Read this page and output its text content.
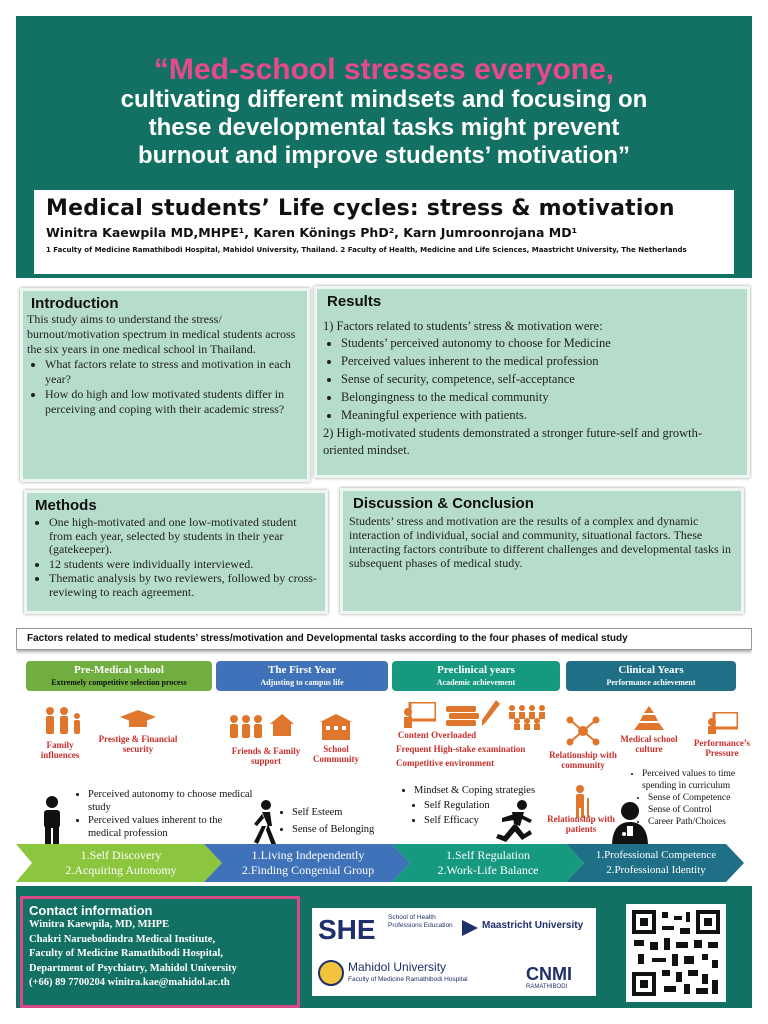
“Med-school stresses everyone,
cultivating different mindsets and focusing on
these developmental tasks might prevent
burnout and improve students’ motivation”
Medical students’ Life cycles: stress & motivation
Winitra Kaewpila MD,MHPE¹, Karen Könings PhD², Karn Jumroonrojana MD¹
1 Faculty of Medicine Ramathibodi Hospital, Mahidol University, Thailand. 2 Faculty of Health, Medicine and Life Sciences, Maastricht University, The Netherlands
Introduction

This study aims to understand the stress/ burnout/motivation spectrum in medical students across the six years in one medical school in Thailand.

• What factors relate to stress and motivation in each year?
• How do high and low motivated students differ in perceiving and coping with their academic stress?
Results

1) Factors related to students’ stress & motivation were:

• Students’ perceived autonomy to choose for Medicine
• Perceived values inherent to the medical profession
• Sense of security, competence, self-acceptance
• Belongingness to the medical community
• Meaningful experience with patients.

2) High-motivated students demonstrated a stronger future-self and growth-oriented mindset.

Methods
• One high-motivated and one low-motivated student from each year, selected by students in their year (gatekeeper).
• 12 students were individually interviewed.
• Thematic analysis by two reviewers, followed by cross-reviewing to reach agreement.
Discussion & Conclusion

Students’ stress and motivation are the results of a complex and dynamic interaction of individual, social and community, situational factors. These interacting factors contribute to different challenges and developmental tasks in subsequent phases of medical study.

Factors related to medical students’ stress/motivation and Developmental tasks according to the four phases of medical study
Pre-Medical school
Extremely competitive selection process
The First Year
Adjusting to campus life
Preclinical years
Academic achievement
Clinical Years
Performance achievement
Family influences
Prestige & Financial security	Friends & Family support
School Community
Content Overloaded
Frequent High-stake examination
Competitive environment
Relationship with community
Medical school culture
Performance’s Pressure
Relationship with patients
• Perceived autonomy to choose medical study
• Perceived values inherent to the medical profession
• Self Esteem
• Sense of Belonging
• Mindset & Coping strategies
• Self Regulation
• Self Efficacy
• Perceived values to time spending in curriculum
• Sense of Competence
• Sense of Control
• Career Path/Choices
1.Self Discovery
2.Acquiring Autonomy
1.Living Independently
2.Finding Congenial Group
1.Self Regulation
2.Work-Life Balance
1.Professional Competence
2.Professional Identity
Contact information
Winitra Kaewpila, MD, MHPE
Chakri Naruebodindra Medical Institute,
Faculty of Medicine Ramathibodi Hospital,
Department of Psychiatry, Mahidol University
(+66) 89 7700204 winitra.kae@mahidol.ac.th
SHE School of Health Professions Education	Maastricht University
Mahidol University
Faculty of Medicine Ramathibodi Hospital	CNMI
RAMATHIBODI
